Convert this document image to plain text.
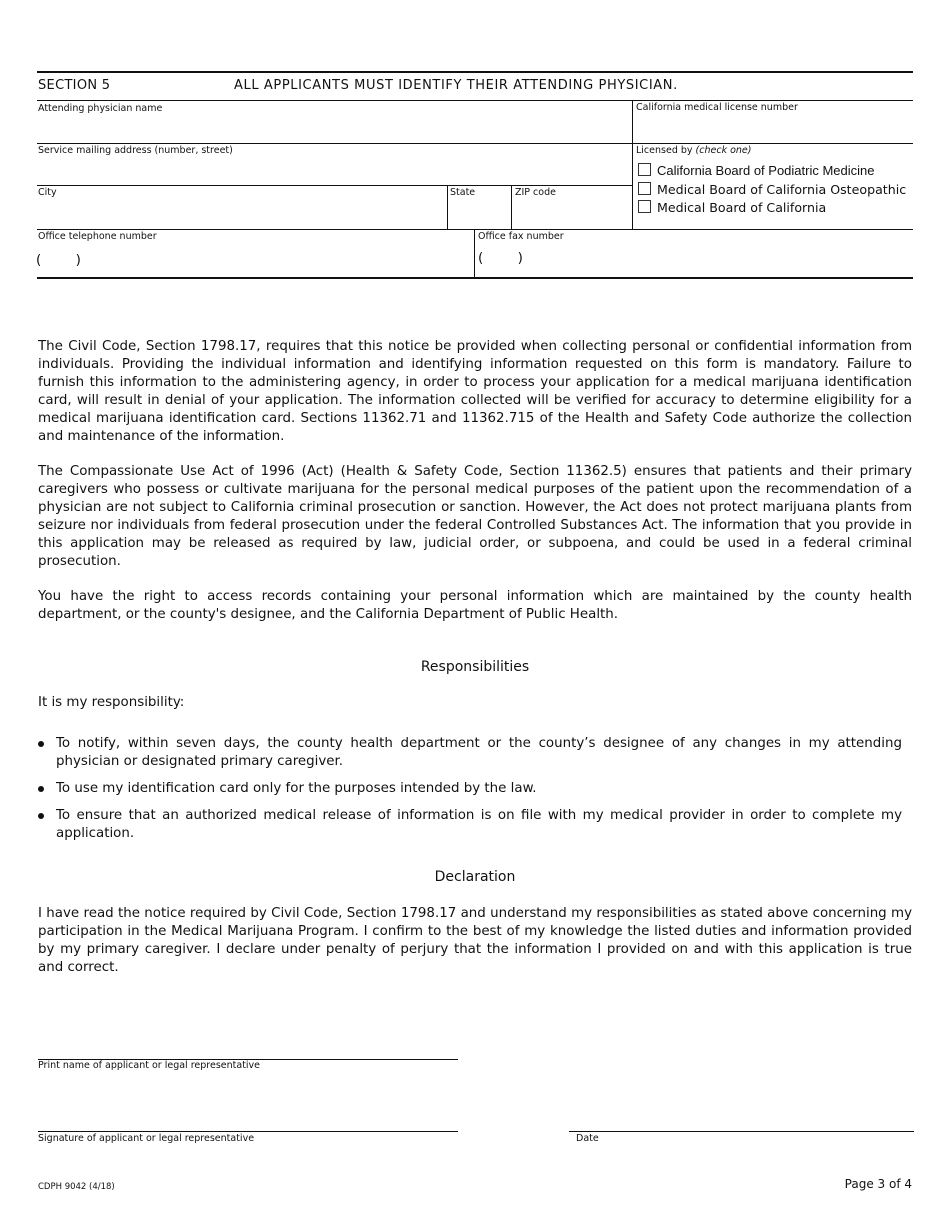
SECTION 5	ALL APPLICANTS MUST IDENTIFY THEIR ATTENDING PHYSICIAN.
Attending physician name	California medical license number
Service mailing address (number, street)	Licensed by (check one)
California Board of Podiatric Medicine
Medical Board of California Osteopathic
Medical Board of California
City	State	ZIP code
Office telephone number
(        )
Office fax number
(        )
The Civil Code, Section 1798.17, requires that this notice be provided when collecting personal or confidential information from individuals. Providing the individual information and identifying information requested on this form is mandatory. Failure to furnish this information to the administering agency, in order to process your application for a medical marijuana identification card, will result in denial of your application. The information collected will be verified for accuracy to determine eligibility for a medical marijuana identification card. Sections 11362.71 and 11362.715 of the Health and Safety Code authorize the collection and maintenance of the information.
The Compassionate Use Act of 1996 (Act) (Health & Safety Code, Section 11362.5) ensures that patients and their primary caregivers who possess or cultivate marijuana for the personal medical purposes of the patient upon the recommendation of a physician are not subject to California criminal prosecution or sanction. However, the Act does not protect marijuana plants from seizure nor individuals from federal prosecution under the federal Controlled Substances Act. The information that you provide in this application may be released as required by law, judicial order, or subpoena, and could be used in a federal criminal prosecution.
You have the right to access records containing your personal information which are maintained by the county health department, or the county's designee, and the California Department of Public Health.
Responsibilities
It is my responsibility:
To notify, within seven days, the county health department or the county’s designee of any changes in my attending physician or designated primary caregiver.
To use my identification card only for the purposes intended by the law.
To ensure that an authorized medical release of information is on file with my medical provider in order to complete my application.
Declaration
I have read the notice required by Civil Code, Section 1798.17 and understand my responsibilities as stated above concerning my participation in the Medical Marijuana Program. I confirm to the best of my knowledge the listed duties and information provided by my primary caregiver. I declare under penalty of perjury that the information I provided on and with this application is true and correct.
Print name of applicant or legal representative
Signature of applicant or legal representative	Date
CDPH 9042 (4/18)	Page 3 of 4
